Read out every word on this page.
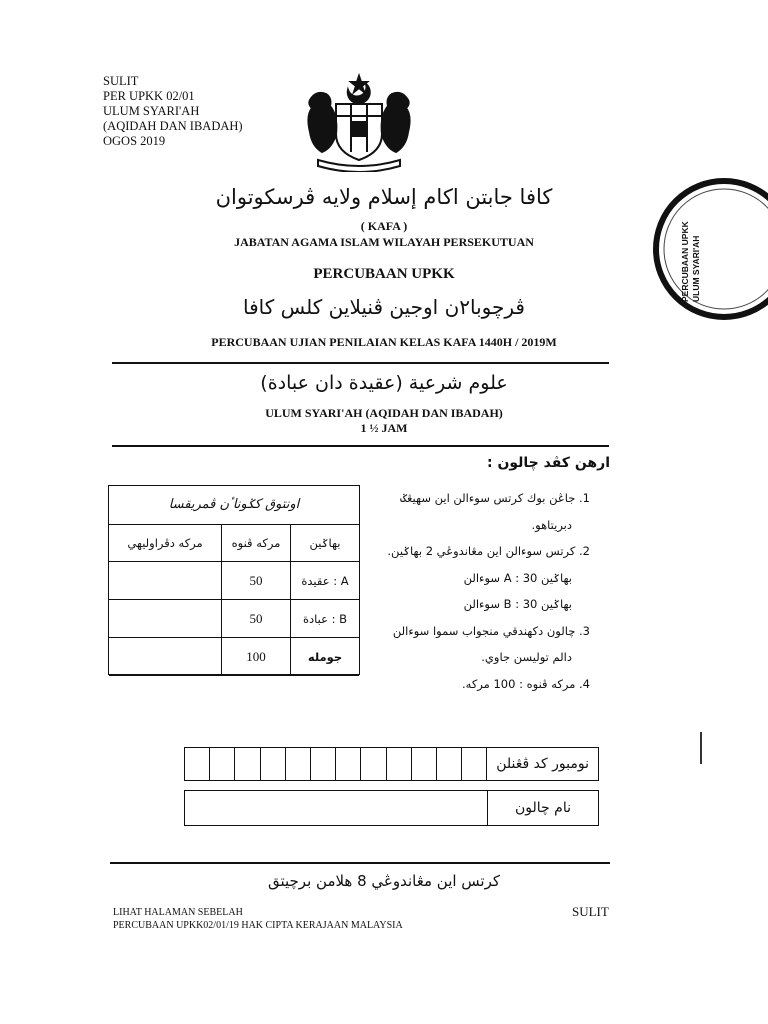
SULIT
PER UPKK 02/01
ULUM SYARI'AH
(AQIDAH DAN IBADAH)
OGOS 2019
كافا جابتن اكام إسلام ولايه ڤرسكوتوان
( KAFA )
JABATAN AGAMA ISLAM WILAYAH PERSEKUTUAN
PERCUBAAN UPKK
ڤرچوبا٢ن اوجين ڤنيلاين كلس كافا
PERCUBAAN UJIAN PENILAIAN KELAS KAFA 1440H / 2019M
علوم شرعية (عقيدة دان عبادة)
ULUM SYARI'AH (AQIDAH DAN IBADAH)
1 ½ JAM
ارهن كڤد چالون :
1. جاڠن بوك كرتس سوءالن اين سهيڠݢ
دبريتاهو.
2. كرتس سوءالن اين مڠاندوڠي 2 بهاݢين.
بهاݢين A : 30 سوءالن
بهاݢين B : 30 سوءالن
3. چالون دكهندقي منجواب سموا سوءالن
دالم تولیسن جاوي.
4. مركه ڤنوه : 100 مركه.
اونتوق كݢوناٴن ڤمريقسا
بهاݢين	مركه ڤنوه	مركه دڤراوليهي
A : عقيدة	50	
B : عبادة	50	
جوملە	100	
نومبور كد ڤڠنلن
نام چالون
كرتس اين مڠاندوڠي 8 هلامن برچيتق
LIHAT HALAMAN SEBELAH
PERCUBAAN UPKK02/01/19 HAK CIPTA KERAJAAN MALAYSIA
SULIT
PERCUBAAN UPKK ULUM SYARI'AH
